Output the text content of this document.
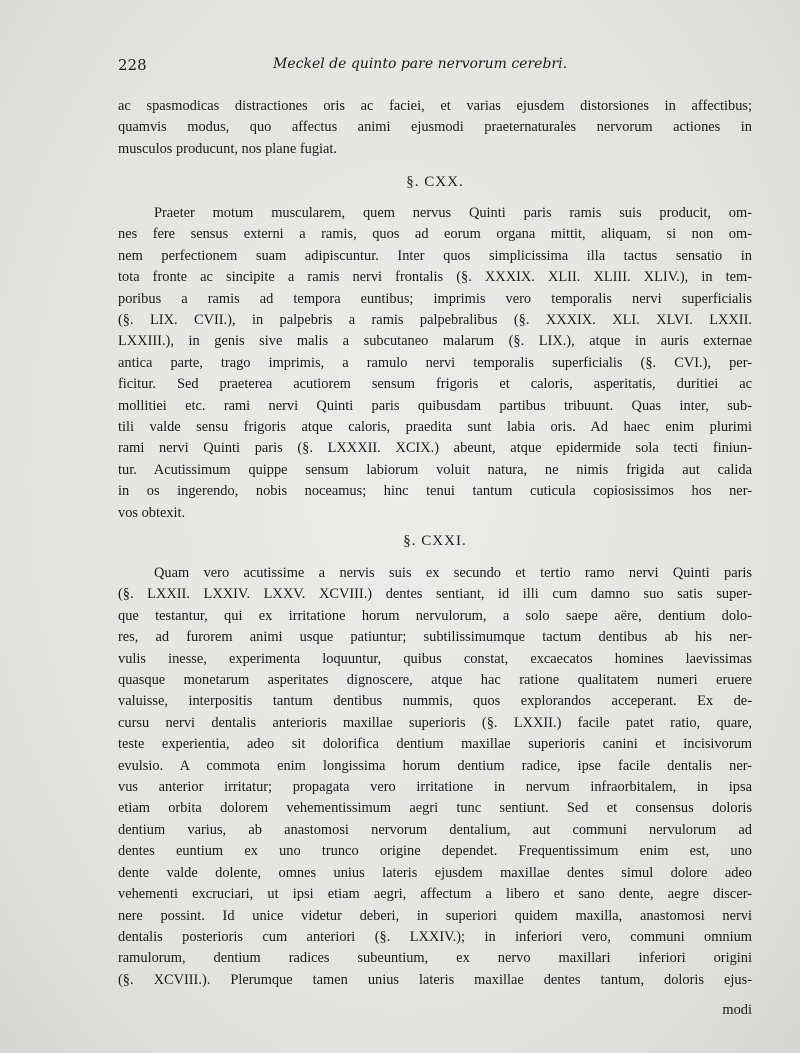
228	Meckel de quinto pare nervorum cerebri.
ac spasmodicas distractiones oris ac faciei, et varias ejusdem distorsiones in affectibus;
quamvis modus, quo affectus animi ejusmodi praeternaturales nervorum actiones in
musculos producunt, nos plane fugiat.
§. CXX.
Praeter motum muscularem, quem nervus Quinti paris ramis suis producit, om-
nes fere sensus externi a ramis, quos ad eorum organa mittit, aliquam, si non om-
nem perfectionem suam adipiscuntur. Inter quos simplicissima illa tactus sensatio in
tota fronte ac sincipite a ramis nervi frontalis (§. XXXIX. XLII. XLIII. XLIV.), in tem-
poribus a ramis ad tempora euntibus; imprimis vero temporalis nervi superficialis
(§. LIX. CVII.), in palpebris a ramis palpebralibus (§. XXXIX. XLI. XLVI. LXXII.
LXXIII.), in genis sive malis a subcutaneo malarum (§. LIX.), atque in auris externae
antica parte, trago imprimis, a ramulo nervi temporalis superficialis (§. CVI.), per-
ficitur. Sed praeterea acutiorem sensum frigoris et caloris, asperitatis, duritiei ac
mollitiei etc. rami nervi Quinti paris quibusdam partibus tribuunt. Quas inter, sub-
tili valde sensu frigoris atque caloris, praedita sunt labia oris. Ad haec enim plurimi
rami nervi Quinti paris (§. LXXXII. XCIX.) abeunt, atque epidermide sola tecti finiun-
tur. Acutissimum quippe sensum labiorum voluit natura, ne nimis frigida aut calida
in os ingerendo, nobis noceamus; hinc tenui tantum cuticula copiosissimos hos ner-
vos obtexit.
§. CXXI.
Quam vero acutissime a nervis suis ex secundo et tertio ramo nervi Quinti paris
(§. LXXII. LXXIV. LXXV. XCVIII.) dentes sentiant, id illi cum damno suo satis super-
que testantur, qui ex irritatione horum nervulorum, a solo saepe aëre, dentium dolo-
res, ad furorem animi usque patiuntur; subtilissimumque tactum dentibus ab his ner-
vulis inesse, experimenta loquuntur, quibus constat, excaecatos homines laevissimas
quasque monetarum asperitates dignoscere, atque hac ratione qualitatem numeri eruere
valuisse, interpositis tantum dentibus nummis, quos explorandos acceperant. Ex de-
cursu nervi dentalis anterioris maxillae superioris (§. LXXII.) facile patet ratio, quare,
teste experientia, adeo sit dolorifica dentium maxillae superioris canini et incisivorum
evulsio. A commota enim longissima horum dentium radice, ipse facile dentalis ner-
vus anterior irritatur; propagata vero irritatione in nervum infraorbitalem, in ipsa
etiam orbita dolorem vehementissimum aegri tunc sentiunt. Sed et consensus doloris
dentium varius, ab anastomosi nervorum dentalium, aut communi nervulorum ad
dentes euntium ex uno trunco origine dependet. Frequentissimum enim est, uno
dente valde dolente, omnes unius lateris ejusdem maxillae dentes simul dolore adeo
vehementi excruciari, ut ipsi etiam aegri, affectum a libero et sano dente, aegre discer-
nere possint. Id unice videtur deberi, in superiori quidem maxilla, anastomosi nervi
dentalis posterioris cum anteriori (§. LXXIV.); in inferiori vero, communi omnium
ramulorum, dentium radices subeuntium, ex nervo maxillari inferiori origini
(§. XCVIII.). Plerumque tamen unius lateris maxillae dentes tantum, doloris ejus-
modi
